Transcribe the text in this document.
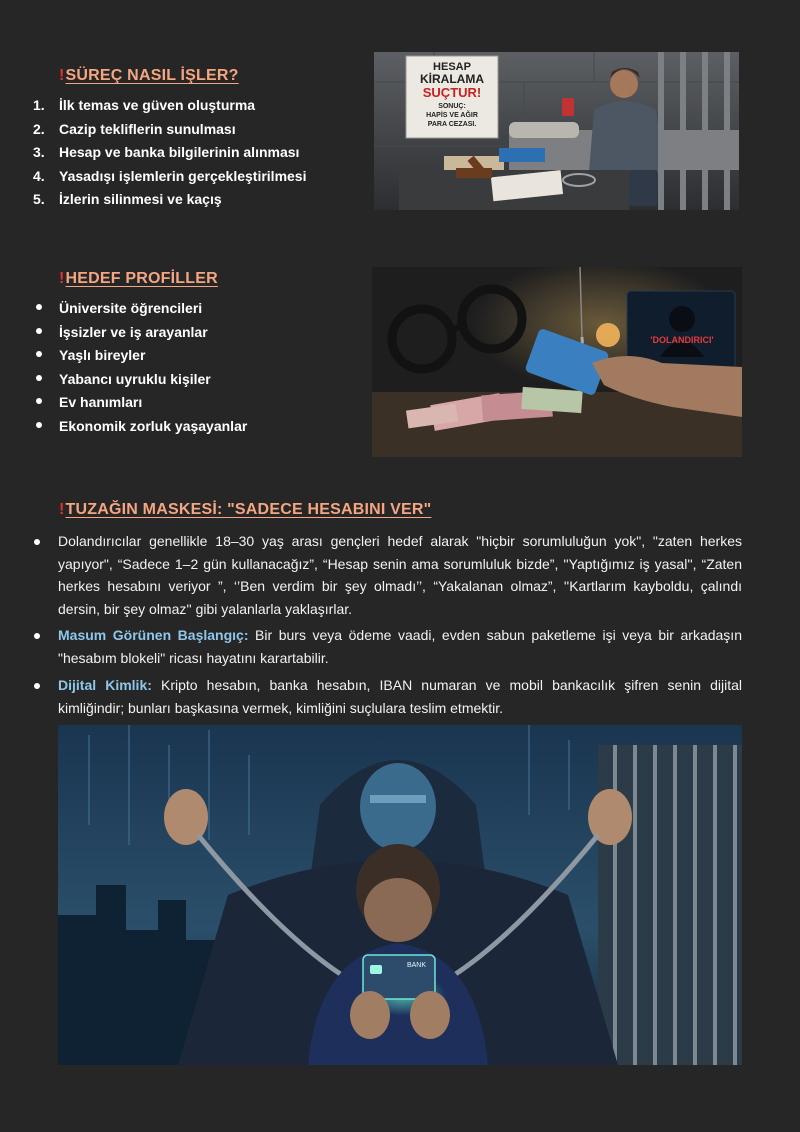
!SÜREÇ NASIL İŞLER?
1. İlk temas ve güven oluşturma
2. Cazip tekliflerin sunulması
3. Hesap ve banka bilgilerinin alınması
4. Yasadışı işlemlerin gerçekleştirilmesi
5. İzlerin silinmesi ve kaçış
HESAP
KİRALAMA
SUÇTUR!
SONUÇ:
HAPİS VE AĞIR
PARA CEZASI.
!HEDEF PROFİLLER
Üniversite öğrencileri
İşsizler ve iş arayanlar
Yaşlı bireyler
Yabancı uyruklu kişiler
Ev hanımları
Ekonomik zorluk yaşayanlar
'DOLANDIRICI'
!TUZAĞIN MASKESİ: "SADECE HESABINI VER"
Dolandırıcılar genellikle 18–30 yaş arası gençleri hedef alarak "hiçbir sorumluluğun yok", "zaten herkes yapıyor", “Sadece 1–2 gün kullanacağız”, “Hesap senin ama sorumluluk bizde”, ''Yaptığımız iş yasal'', “Zaten herkes hesabını veriyor ”, ‘’Ben verdim bir şey olmadı’’, “Yakalanan olmaz”, ''Kartlarım kayboldu, çalındı dersin, bir şey olmaz'' gibi yalanlarla yaklaşırlar.
Masum Görünen Başlangıç: Bir burs veya ödeme vaadi, evden sabun paketleme işi veya bir arkadaşın "hesabım blokeli" ricası hayatını karartabilir.
Dijital Kimlik: Kripto hesabın, banka hesabın, IBAN numaran ve mobil bankacılık şifren senin dijital kimliğindir; bunları başkasına vermek, kimliğini suçlulara teslim etmektir.
BANK
